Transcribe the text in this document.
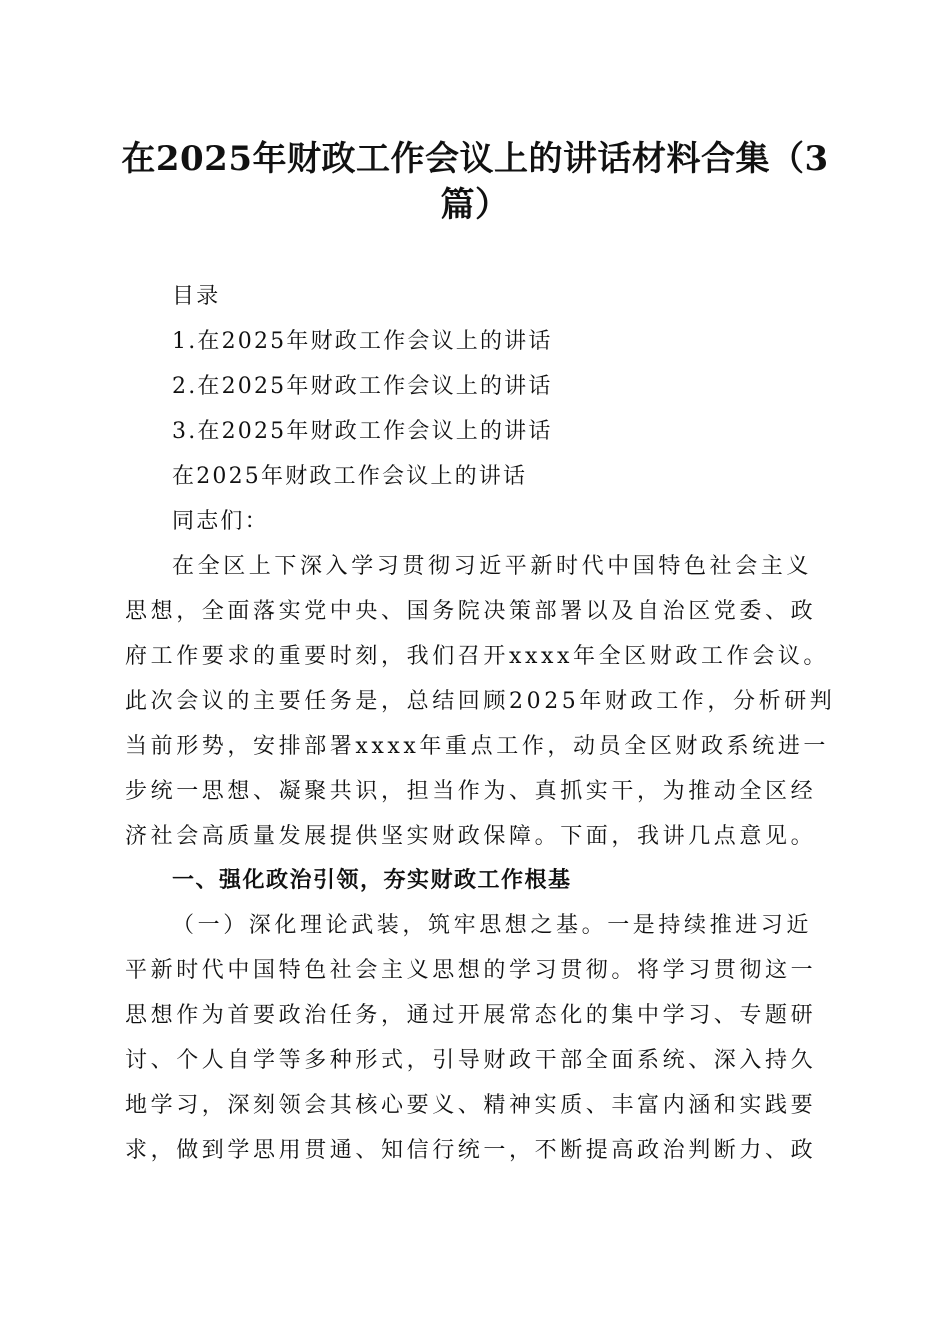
在2025年财政工作会议上的讲话材料合集（3篇）
目录
1.在2025年财政工作会议上的讲话
2.在2025年财政工作会议上的讲话
3.在2025年财政工作会议上的讲话
在2025年财政工作会议上的讲话
同志们：
在全区上下深入学习贯彻习近平新时代中国特色社会主义
思想，全面落实党中央、国务院决策部署以及自治区党委、政
府工作要求的重要时刻，我们召开xxxx年全区财政工作会议。
此次会议的主要任务是，总结回顾2025年财政工作，分析研判
当前形势，安排部署xxxx年重点工作，动员全区财政系统进一
步统一思想、凝聚共识，担当作为、真抓实干，为推动全区经
济社会高质量发展提供坚实财政保障。下面，我讲几点意见。
一、强化政治引领，夯实财政工作根基
（一）深化理论武装，筑牢思想之基。一是持续推进习近
平新时代中国特色社会主义思想的学习贯彻。将学习贯彻这一
思想作为首要政治任务，通过开展常态化的集中学习、专题研
讨、个人自学等多种形式，引导财政干部全面系统、深入持久
地学习，深刻领会其核心要义、精神实质、丰富内涵和实践要
求，做到学思用贯通、知信行统一，不断提高政治判断力、政
